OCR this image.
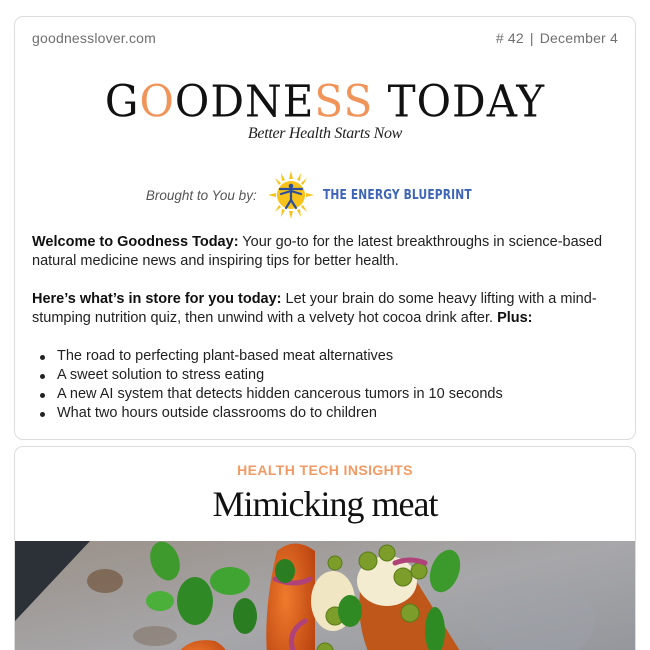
goodnesslover.com	# 42 | December 4
GOODNESS TODAY
Better Health Starts Now
Brought to You by:	THE ENERGY BLUEPRINT

Welcome to Goodness Today: Your go-to for the latest breakthroughs in science-based natural medicine news and inspiring tips for better health.

Here’s what’s in store for you today: Let your brain do some heavy lifting with a mind-stumping nutrition quiz, then unwind with a velvety hot cocoa drink after. Plus:

The road to perfecting plant-based meat alternatives
A sweet solution to stress eating
A new AI system that detects hidden cancerous tumors in 10 seconds
What two hours outside classrooms do to children
HEALTH TECH INSIGHTS
Mimicking meat
